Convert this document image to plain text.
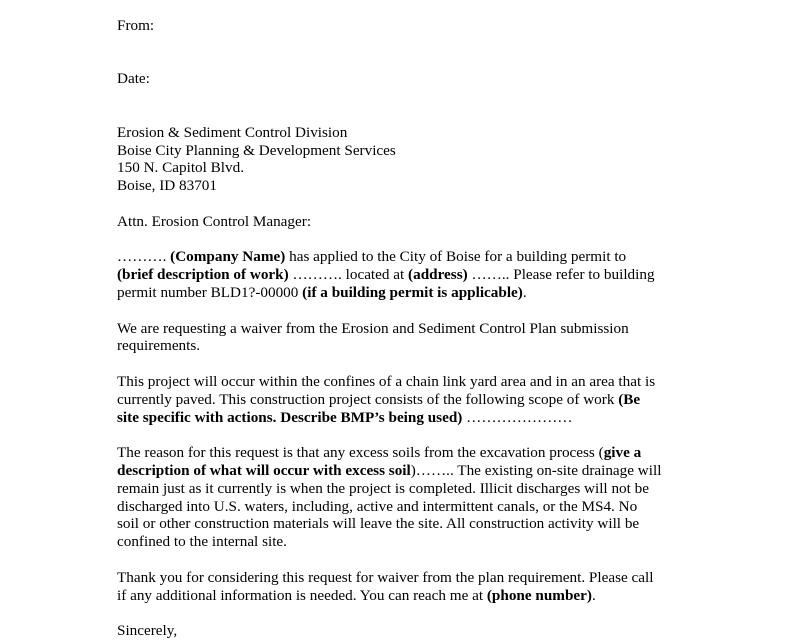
From:
Date:
Erosion & Sediment Control Division
Boise City Planning & Development Services
150 N. Capitol Blvd.
Boise, ID 83701
Attn. Erosion Control Manager:
………. (Company Name) has applied to the City of Boise for a building permit to
(brief description of work) ………. located at (address) …….. Please refer to building
permit number BLD1?-00000 (if a building permit is applicable).
We are requesting a waiver from the Erosion and Sediment Control Plan submission
requirements.
This project will occur within the confines of a chain link yard area and in an area that is
currently paved. This construction project consists of the following scope of work (Be
site specific with actions. Describe BMP’s being used) …………………
The reason for this request is that any excess soils from the excavation process (give a
description of what will occur with excess soil)…….. The existing on-site drainage will
remain just as it currently is when the project is completed. Illicit discharges will not be
discharged into U.S. waters, including, active and intermittent canals, or the MS4. No
soil or other construction materials will leave the site. All construction activity will be
confined to the internal site.
Thank you for considering this request for waiver from the plan requirement. Please call
if any additional information is needed. You can reach me at (phone number).
Sincerely,
